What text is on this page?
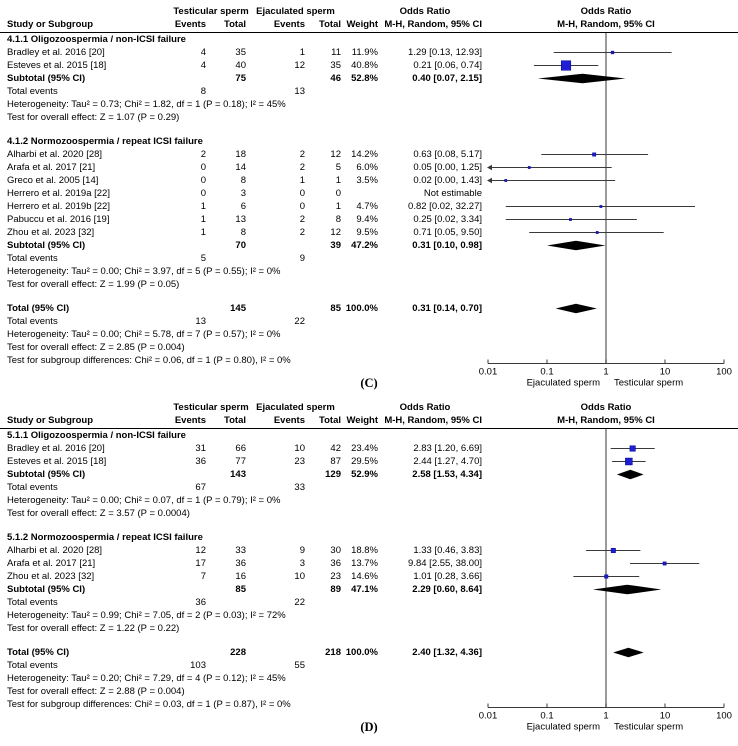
Testicular sperm Ejaculated sperm	Odds Ratio	Odds Ratio
Study or Subgroup	Events	Total	Events	Total Weight M-H, Random, 95% CI	M-H, Random, 95% CI
4.1.1 Oligozoospermia / non-ICSI failure
Bradley et al. 2016 [20]	4	35	1	11	11.9%	1.29 [0.13, 12.93]
Esteves et al. 2015 [18]	4	40	12	35	40.8%	0.21 [0.06, 0.74]
Subtotal (95% CI)	75	46	52.8%	0.40 [0.07, 2.15]
Total events	8	13
Heterogeneity: Tau² = 0.73; Chi² = 1.82, df = 1 (P = 0.18); I² = 45%
Test for overall effect: Z = 1.07 (P = 0.29)
4.1.2 Normozoospermia / repeat ICSI failure
Alharbi et al. 2020 [28]	2	18	2	12	14.2%	0.63 [0.08, 5.17]
Arafa et al. 2017 [21]	0	14	2	5	6.0%	0.05 [0.00, 1.25]
Greco et al. 2005 [14]	0	8	1	1	3.5%	0.02 [0.00, 1.43]
Herrero et al. 2019a [22]	0	3	0	0	Not estimable
Herrero et al. 2019b [22]	1	6	0	1	4.7%	0.82 [0.02, 32.27]
Pabuccu et al. 2016 [19]	1	13	2	8	9.4%	0.25 [0.02, 3.34]
Zhou et al. 2023 [32]	1	8	2	12	9.5%	0.71 [0.05, 9.50]
Subtotal (95% CI)	70	39	47.2%	0.31 [0.10, 0.98]
Total events	5	9
Heterogeneity: Tau² = 0.00; Chi² = 3.97, df = 5 (P = 0.55); I² = 0%
Test for overall effect: Z = 1.99 (P = 0.05)
Total (95% CI)	145	85 100.0%	0.31 [0.14, 0.70]
Total events	13	22
Heterogeneity: Tau² = 0.00; Chi² = 5.78, df = 7 (P = 0.57); I² = 0%
Test for overall effect: Z = 2.85 (P = 0.004)
Test for subgroup differences: Chi² = 0.06, df = 1 (P = 0.80), I² = 0%
(C)
0.01	0.1	1	10	100
Ejaculated sperm Testicular sperm
Testicular sperm Ejaculated sperm	Odds Ratio	Odds Ratio
Study or Subgroup	Events	Total	Events	Total Weight M-H, Random, 95% CI	M-H, Random, 95% CI
5.1.1 Oligozoospermia / non-ICSI failure
Bradley et al. 2016 [20]	31	66	10	42	23.4%	2.83 [1.20, 6.69]
Esteves et al. 2015 [18]	36	77	23	87	29.5%	2.44 [1.27, 4.70]
Subtotal (95% CI)	143	129	52.9%	2.58 [1.53, 4.34]
Total events	67	33
Heterogeneity: Tau² = 0.00; Chi² = 0.07, df = 1 (P = 0.79); I² = 0%
Test for overall effect: Z = 3.57 (P = 0.0004)
5.1.2 Normozoospermia / repeat ICSI failure
Alharbi et al. 2020 [28]	12	33	9	30	18.8%	1.33 [0.46, 3.83]
Arafa et al. 2017 [21]	17	36	3	36	13.7%	9.84 [2.55, 38.00]
Zhou et al. 2023 [32]	7	16	10	23	14.6%	1.01 [0.28, 3.66]
Subtotal (95% CI)	85	89	47.1%	2.29 [0.60, 8.64]
Total events	36	22
Heterogeneity: Tau² = 0.99; Chi² = 7.05, df = 2 (P = 0.03); I² = 72%
Test for overall effect: Z = 1.22 (P = 0.22)
Total (95% CI)	228	218 100.0%	2.40 [1.32, 4.36]
Total events	103	55
Heterogeneity: Tau² = 0.20; Chi² = 7.29, df = 4 (P = 0.12); I² = 45%
Test for overall effect: Z = 2.88 (P = 0.004)
Test for subgroup differences: Chi² = 0.03, df = 1 (P = 0.87), I² = 0%
(D)
0.01	0.1	1	10	100
Ejaculated sperm Testicular sperm
